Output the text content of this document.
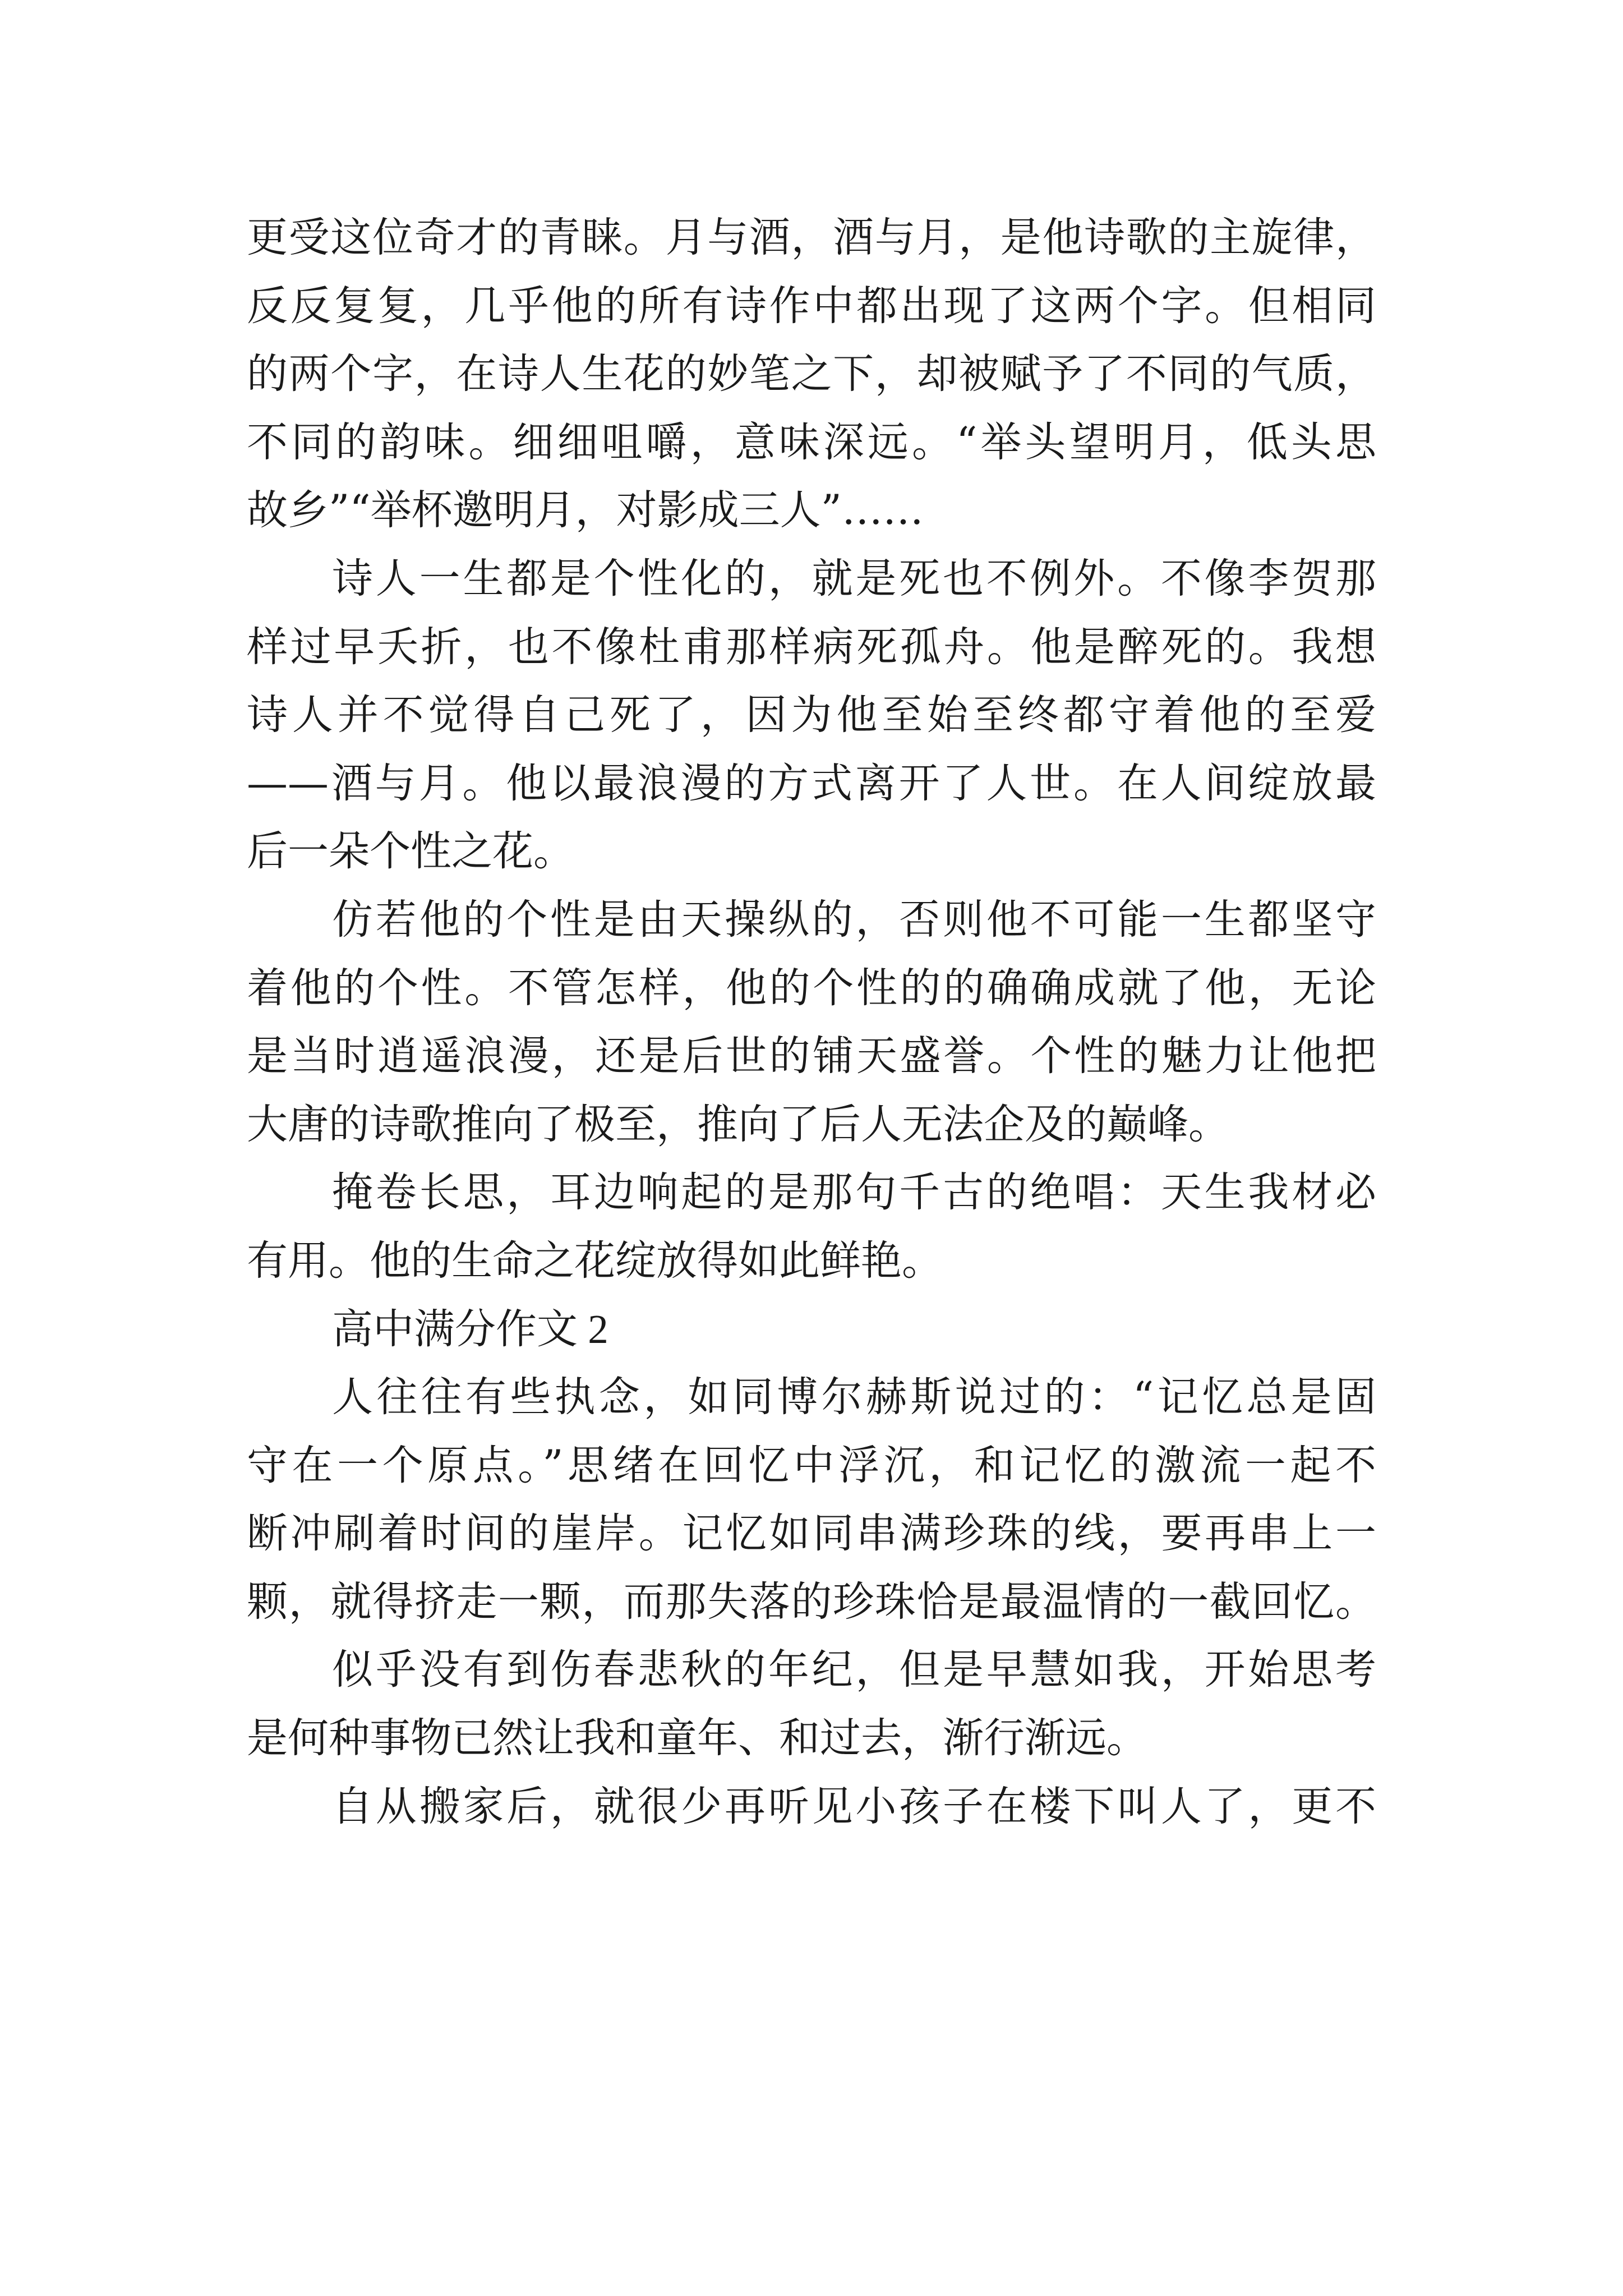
更受这位奇才的青睐。月与酒，酒与月，是他诗歌的主旋律，

反反复复，几乎他的所有诗作中都出现了这两个字。但相同

的两个字，在诗人生花的妙笔之下，却被赋予了不同的气质，

不同的韵味。细细咀嚼，意味深远。“举头望明月，低头思

故乡”“举杯邀明月，对影成三人”……

诗人一生都是个性化的，就是死也不例外。不像李贺那

样过早夭折，也不像杜甫那样病死孤舟。他是醉死的。我想

诗人并不觉得自己死了，因为他至始至终都守着他的至爱

——酒与月。他以最浪漫的方式离开了人世。在人间绽放最

后一朵个性之花。

仿若他的个性是由天操纵的，否则他不可能一生都坚守

着他的个性。不管怎样，他的个性的的确确成就了他，无论

是当时逍遥浪漫，还是后世的铺天盛誉。个性的魅力让他把

大唐的诗歌推向了极至，推向了后人无法企及的巅峰。

掩卷长思，耳边响起的是那句千古的绝唱：天生我材必

有用。他的生命之花绽放得如此鲜艳。

高中满分作文 2

人往往有些执念，如同博尔赫斯说过的：“记忆总是固

守在一个原点。”思绪在回忆中浮沉，和记忆的激流一起不

断冲刷着时间的崖岸。记忆如同串满珍珠的线，要再串上一

颗，就得挤走一颗，而那失落的珍珠恰是最温情的一截回忆。

似乎没有到伤春悲秋的年纪，但是早慧如我，开始思考

是何种事物已然让我和童年、和过去，渐行渐远。

自从搬家后，就很少再听见小孩子在楼下叫人了，更不
